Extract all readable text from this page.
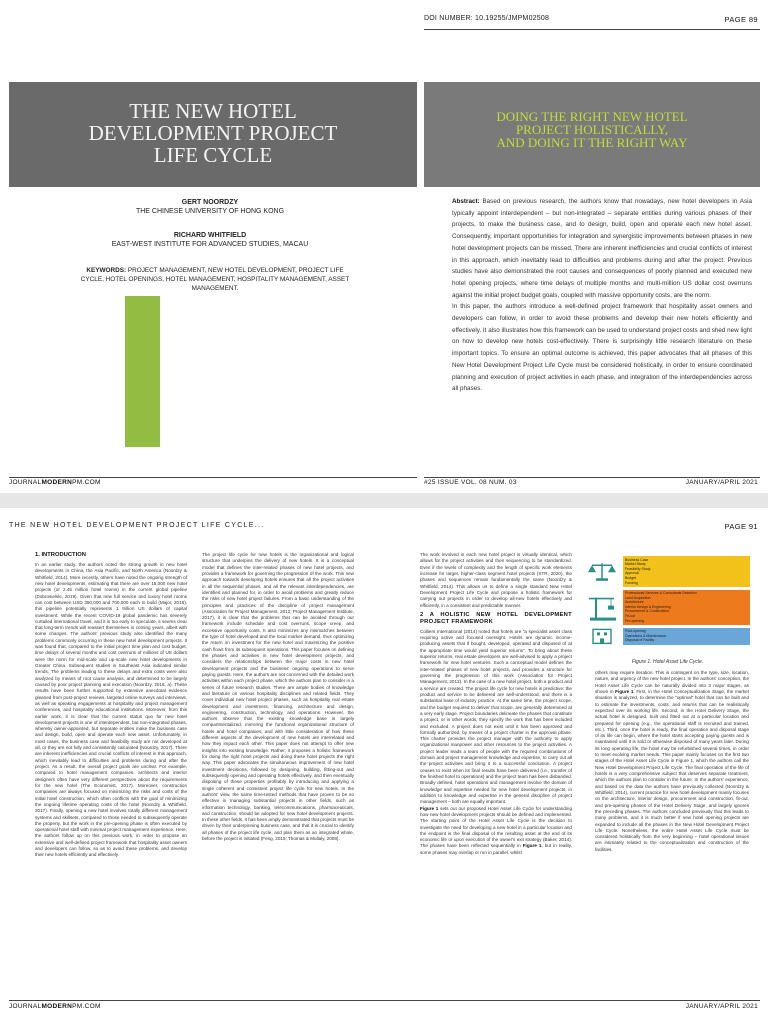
DOI NUMBER: 10.19255/JMPM02508	PAGE 89
THE NEW HOTEL
DEVELOPMENT PROJECT
LIFE CYCLE
DOING THE RIGHT NEW HOTEL
PROJECT HOLISTICALLY,
AND DOING IT THE RIGHT WAY
GERT NOORDZY
THE CHINESE UNIVERSITY OF HONG KONG
RICHARD WHITFIELD
EAST-WEST INSTITUTE FOR ADVANCED STUDIES, MACAU
KEYWORDS: PROJECT MANAGEMENT, NEW HOTEL DEVELOPMENT, PROJECT LIFE CYCLE, HOTEL OPENINGS, HOTEL MANAGEMENT, HOSPITALITY MANAGEMENT, ASSET MANAGEMENT.

Abstract: Based on previous research, the authors know that nowadays, new hotel developers in Asia typically appoint interdependent – but non-integrated – separate entities during various phases of their projects, to make the business case, and to design, build, open and operate each new hotel asset. Consequently, important opportunities for integration and synergistic improvements between phases in new hotel development projects can be missed. There are inherent inefficiencies and crucial conflicts of interest in this approach, which inevitably lead to difficulties and problems during and after the project. Previous studies have also demonstrated the root causes and consequences of poorly planned and executed new hotel opening projects, where time delays of multiple months and multi-million US dollar cost overruns against the initial project budget goals, coupled with massive opportunity costs, are the norm.

In this paper, the authors introduce a well-defined project framework that hospitality asset owners and developers can follow, in order to avoid these problems and develop their new hotels efficiently and effectively. It also illustrates how this framework can be used to understand project costs and shed new light on how to develop new hotels cost-effectively. There is surprisingly little research literature on these important topics. To ensure an optimal outcome is achieved, this paper advocates that all phases of this New Hotel Development Project Life Cycle must be considered holistically, in order to ensure coordinated planning and execution of project activities in each phase, and integration of the interdependencies across all phases.

JOURNALMODERNPM.COM	#25 ISSUE VOL. 08 NUM. 03	JANUARY/APRIL 2021
THE NEW HOTEL DEVELOPMENT PROJECT LIFE CYCLE...	PAGE 91
1. INTRODUCTION

In an earlier study, the authors noted the strong growth in new hotel developments in China, the Asia Pacific, and North America (Noordzy & Whitfield, 2014). More recently, others have noted the ongoing strength of new hotel developments, estimating that there are over 15,000 new hotel projects (or 2.45 million hotel rooms) in the current global pipeline (Dobrosielski, 2019). Given that new full service and luxury hotel rooms can cost between USD 350,000 and 700,000 each to build (Major, 2018), this pipeline potentially represents 1 trillion US dollars of capital investment. While the recent COVID-19 global pandemic has severely curtailed international travel, and it is too early to speculate, it seems clear that long-term trends will reassert themselves in coming years, albeit with some changes. The authors' previous study also identified the many problems commonly occurring in these new hotel development projects. It was found that, compared to the initial project time plan and cost budget, time delays of several months and cost overruns of millions of US dollars were the norm for mid-scale and up-scale new hotel developments in Greater China. Subsequent studies in Southeast Asia indicated similar trends. The problems leading to these delays and extra costs were also analyzed by means of root cause analysis, and determined to be largely caused by poor project planning and execution (Noordzy, 2016, a). These results have been further supported by extensive anecdotal evidence gleaned from post-project reviews, targeted online surveys and interviews, as well as speaking engagements at hospitality and project management conferences, and hospitality educational institutions. Moreover, from this earlier work, it is clear that the current status quo for new hotel development projects is one of interdependent, but non-integrated phases, whereby owner-appointed, but separate entities make the business case and design, build, open and operate each new asset. Unfortunately, in most cases, the business case and feasibility study are not developed at all, or they are not fully and consistently calculated (Noordzy, 2017). There are inherent inefficiencies and crucial conflicts of interest in this approach, which inevitably lead to difficulties and problems during and after the project. As a result, the overall project goals are unclear. For example, compared to hotel management companies, architects and interior designers often have very different perspectives about the requirements for the new hotel (The Economist, 2017). Moreover, construction companies are always focused on minimizing the risks and costs of the initial hotel construction, which often conflicts with the goal of minimizing the ongoing lifetime operating costs of the hotel (Noordzy & Whitfield, 2017). Finally, opening a new hotel involves totally different management systems and skillsets, compared to those needed to subsequently operate the property, but the work in the pre-opening phase is often executed by operational hotel staff with minimal project management experience. Here, the authors follow up on this previous work, in order to propose an extensive and well-defined project framework that hospitality asset owners and developers can follow, so as to avoid these problems, and develop their new hotels efficiently and effectively.

The project life cycle for new hotels is the organizational and logical structure that underpins the delivery of new hotels. It is a conceptual model that defines the inter-related phases of new hotel projects, and provides a framework for governing the progression of the work. This new approach towards developing hotels ensures that all the project activities in all the sequential phases, and all the relevant interdependencies, are identified and planned for, in order to avoid problems and greatly reduce the risks of new hotel project failures. From a basic understanding of the principles and practices of the discipline of project management (Association for Project Management, 2012; Project Management Institute, 2017), it is clear that the problems that can be avoided through our framework include schedule and cost overruns, scope creep, and excessive opportunity costs. It also minimizes any mismatches between the type of hotel developed and the local market demand, thus optimizing the return on investment for the new hotel and maximizing the positive cash flows from its subsequent operations. This paper focuses on defining the phases and activities in new hotel development projects, and considers the relationships between the major costs in new hotel development projects and the business' ongoing operations to serve paying guests. Here, the authors are not concerned with the detailed work activities within each project phase, which the authors plan to consider in a series of future research studies. There are ample bodies of knowledge and literature on various hospitality disciplines and related fields. They cover individual new hotel project phases, such as hospitality real estate development and investment, financing, architecture and design, engineering, construction, technology, and operations. However, the authors observe that the existing knowledge base is largely compartmentalized, mirroring the functional organizational structure of hotels and hotel companies, and with little consideration of how these different aspects of the development of new hotels are interrelated and how they impact each other. This paper does not attempt to offer new insights into existing knowledge. Rather, it proposes a holistic framework for doing the right hotel projects and doing these hotel projects the right way. This paper advocates the simultaneous improvement of new hotel investment decisions, followed by designing, building, fitting-out and subsequently opening and operating hotels effectively, and then eventually disposing of these properties profitably by introducing and applying a single coherent and consistent project life cycle for new hotels. In the authors' view, the same time-tested methods that have proven to be so effective in managing substantial projects in other fields, such as information technology, banking, telecommunications, pharmaceuticals, and construction, should be adopted for new hotel development projects. In these other fields, it has been amply demonstrated that projects must be driven by their underpinning business case, and that it is crucial to identify all phases of the project life cycle, and plan them as an integrated whole, before the project is initiated (Feng, 2015; Thomas & Mullaly, 2008).

The work involved in each new hotel project is virtually identical, which allows for the project activities and their sequencing to be standardized. Even if the levels of complexity and the length of specific work elements increase for larger, higher-class segment hotel projects (STR, 2020), the phases and sequences remain fundamentally the same (Noordzy & Whitfield, 2014). This allows us to define a single standard New Hotel Development Project Life Cycle and propose a holistic framework for carrying out projects in order to develop all-new hotels effectively and efficiently, in a consistent and predictable manner.

2 A HOLISTIC NEW HOTEL DEVELOPMENT PROJECT FRAMEWORK

Colliers International (2014) noted that hotels are "a specialist asset class requiring active and focused oversight. Hotels are dynamic income-producing assets that if bought, developed, operated and disposed of at the appropriate time would yield superior returns". To bring about these superior returns, real estate developers are well-advised to apply a project framework for new hotel ventures. Such a conceptual model defines the inter-related phases of new hotel projects, and provides a structure for governing the progression of this work (Association for Project Management, 2012). In the case of a new hotel project, both a product and a service are created. The project life cycle for new hotels is predictive: the product and service to be delivered are well-understood, and there is a substantial base of industry practice. At the same time, the project scope, and the budget required to deliver that scope, are generally determined at a very early stage. Project boundaries delineate the phases that constitute a project, or in other words, they specify the work that has been included and excluded. A project does not exist until it has been approved and formally authorized, by means of a project charter in the approval phase. This charter provides the project manager with the authority to apply organizational manpower and other resources to the project activities. A project leader leads a team of people with the required combinations of domain and project management knowledge and expertise, to carry out all the project activities and bring it to a successful conclusion. A project ceases to exist when its final results have been delivered (i.e., transfer of the finished hotel to operations) and the project team has been disbanded. Broadly defined, hotel operations and management involve the domain of knowledge and expertise needed for new hotel development projects, in addition to knowledge and expertise in the general discipline of project management – both are equally important.

Figure 1 sets out our proposed Hotel Asset Life Cycle for understanding how new hotel development projects should be defined and implemented. The starting point of the Hotel Asset Life Cycle is the decision to investigate the need for developing a new hotel in a particular location and the endpoint is the final disposal of the resulting asset at the end of its economic life or upon execution of the owner's exit strategy (Baker, 2014). The phases have been reflected sequentially in Figure 1, but in reality, some phases may overlap or run in parallel, whilst

Business Case
Market Study
Feasibility Study
Approval
Budget
Funding
Professional Services & Consultants Selection
Land Acquisition
Architecture
Interior Design & Engineering
Procurement & Construction
Fit-out
Pre-opening
Post-opening
Operations & Maintenance
Disposal of Facility
Figure 1. Hotel Asset Life Cycle.

others may require iteration. This is contingent on the type, size, location, nature, and urgency of the new hotel project. In the authors' conception, the Hotel Asset Life Cycle can be naturally divided into 3 major stages, as shown in Figure 1. First, in the Hotel Conceptualization Stage, the market situation is analyzed, to determine the "optimal" hotel that can be built and to estimate the investments, costs, and returns that can be realistically expected over its working life. Second, in the Hotel Delivery Stage, the actual hotel is designed, built and fitted out at a particular location and prepared for opening (e.g., the operational staff is recruited and trained, etc.). Third, once the hotel is ready, the final operation and disposal stage of its life can begin, where the hotel starts accepting paying guests and is maintained until it is sold or otherwise disposed of many years later. During its long operating life, the hotel may be refurbished several times, in order to meet evolving market needs. This paper mainly focuses on the first two stages of the Hotel Asset Life Cycle in Figure 1, which the authors call the New Hotel Development Project Life Cycle. The final operation of the life of hotels is a very comprehensive subject that deserves separate treatment, which the authors plan to consider in the future. In the authors' experience, and based on the data the authors have previously collected (Noordzy & Whitfield, 2014), current practice for new hotel development mainly focuses on the architecture, interior design, procurement and construction, fit-out, and pre-opening phases of the Hotel Delivery Stage, and largely ignores the preceding phases. The authors concluded previously that this leads to many problems, and it is much better if new hotel opening projects are expanded to include all the phases in the New Hotel Development Project Life Cycle. Nonetheless, the entire Hotel Asset Life Cycle must be considered holistically from the very beginning – hotel operational issues are intimately related to the conceptualization and construction of the facilities.

JOURNALMODERNPM.COM	JANUARY/APRIL 2021
